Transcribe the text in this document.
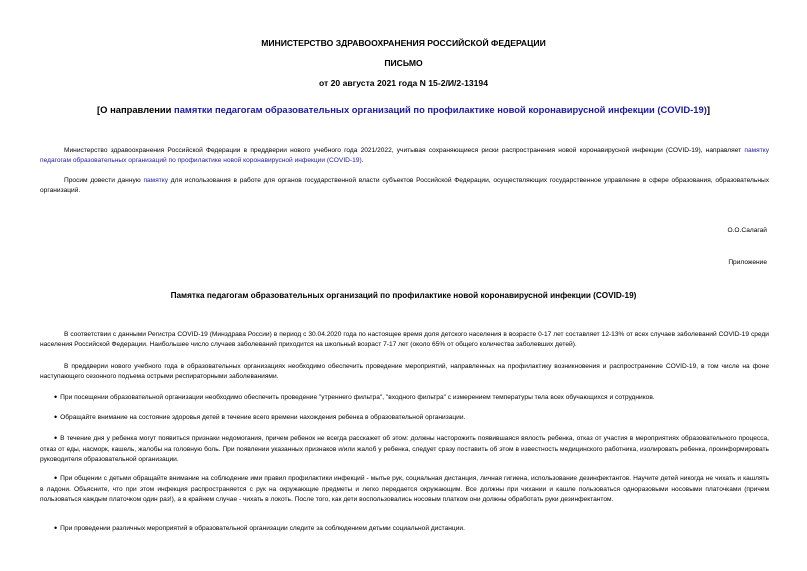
МИНИСТЕРСТВО ЗДРАВООХРАНЕНИЯ РОССИЙСКОЙ ФЕДЕРАЦИИ
ПИСЬМО
от 20 августа 2021 года N 15-2/И/2-13194
[О направлении памятки педагогам образовательных организаций по профилактике новой коронавирусной инфекции (COVID-19)]
Министерство здравоохранения Российской Федерации в преддверии нового учебного года 2021/2022, учитывая сохраняющиеся риски распространения новой коронавирусной инфекции (COVID-19), направляет памятку педагогам образовательных организаций по профилактике новой коронавирусной инфекции (COVID-19).
Просим довести данную памятку для использования в работе для органов государственной власти субъектов Российской Федерации, осуществляющих государственное управление в сфере образования, образовательных организаций.
О.О.Салагай
Приложение
Памятка педагогам образовательных организаций по профилактике новой коронавирусной инфекции (COVID-19)
В соответствии с данными Регистра COVID-19 (Минздрава России) в период с 30.04.2020 года по настоящее время доля детского населения в возрасте 0-17 лет составляет 12-13% от всех случаев заболеваний COVID-19 среди населения Российской Федерации. Наибольшее число случаев заболеваний приходится на школьный возраст 7-17 лет (около 65% от общего количества заболевших детей).
В преддверии нового учебного года в образовательных организациях необходимо обеспечить проведение мероприятий, направленных на профилактику возникновения и распространение COVID-19, в том числе на фоне наступающего сезонного подъема острыми респираторными заболеваниями.
• При посещении образовательной организации необходимо обеспечить проведение "утреннего фильтра", "входного фильтра" с измерением температуры тела всех обучающихся и сотрудников.
• Обращайте внимание на состояние здоровья детей в течение всего времени нахождения ребенка в образовательной организации.
• В течение дня у ребенка могут появиться признаки недомогания, причем ребенок не всегда расскажет об этом: должны насторожить появившаяся вялость ребенка, отказ от участия в мероприятиях образовательного процесса, отказ от еды, насморк, кашель, жалобы на головную боль. При появлении указанных признаков и/или жалоб у ребенка, следует сразу поставить об этом в известность медицинского работника, изолировать ребенка, проинформировать руководителя образовательной организации.
• При общении с детьми обращайте внимание на соблюдение ими правил профилактики инфекций - мытье рук, социальная дистанция, личная гигиена, использование дезинфектантов. Научите детей никогда не чихать и кашлять в ладони. Объясните, что при этом инфекция распространяется с рук на окружающие предметы и легко передается окружающим. Все должны при чихании и кашле пользоваться одноразовыми носовыми платочками (причем пользоваться каждым платочком один раз!), а в крайнем случае - чихать в локоть. После того, как дети воспользовались носовым платком они должны обработать руки дезинфектантом.
• При проведении различных мероприятий в образовательной организации следите за соблюдением детьми социальной дистанции.
